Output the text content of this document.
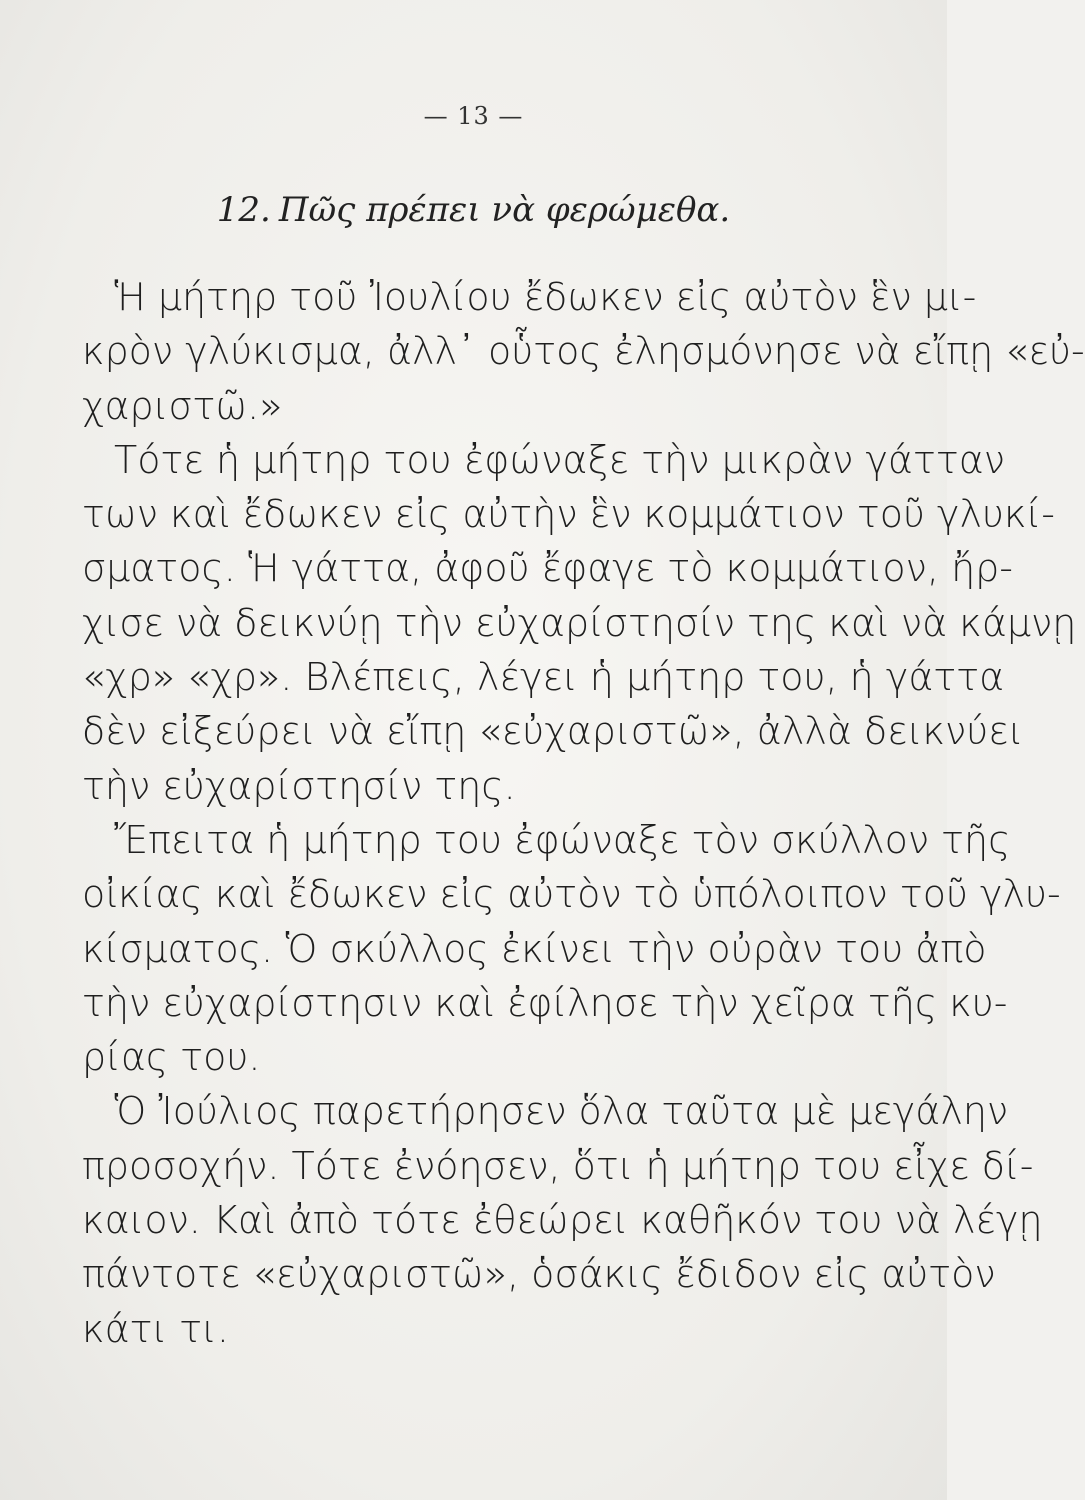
— 13 —
12. Πῶς πρέπει νὰ φερώμεθα.
Ἡ μήτηρ τοῦ Ἰουλίου ἔδωκεν εἰς αὐτὸν ἓν μι-
κρὸν γλύκισμα, ἀλλ᾽ οὗτος ἐλησμόνησε νὰ εἴπῃ «εὐ-
χαριστῶ.»
Τότε ἡ μήτηρ του ἐφώναξε τὴν μικρὰν γάτταν
των καὶ ἔδωκεν εἰς αὐτὴν ἓν κομμάτιον τοῦ γλυκί-
σματος. Ἡ γάττα, ἀφοῦ ἔφαγε τὸ κομμάτιον, ἤρ-
χισε νὰ δεικνύῃ τὴν εὐχαρίστησίν της καὶ νὰ κάμνῃ
«χρ» «χρ». Βλέπεις, λέγει ἡ μήτηρ του, ἡ γάττα
δὲν εἰξεύρει νὰ εἴπῃ «εὐχαριστῶ», ἀλλὰ δεικνύει
τὴν εὐχαρίστησίν της.
Ἔπειτα ἡ μήτηρ του ἐφώναξε τὸν σκύλλον τῆς
οἰκίας καὶ ἔδωκεν εἰς αὐτὸν τὸ ὑπόλοιπον τοῦ γλυ-
κίσματος. Ὁ σκύλλος ἐκίνει τὴν οὐρὰν του ἀπὸ
τὴν εὐχαρίστησιν καὶ ἐφίλησε τὴν χεῖρα τῆς κυ-
ρίας του.
Ὁ Ἰούλιος παρετήρησεν ὅλα ταῦτα μὲ μεγάλην
προσοχήν. Τότε ἐνόησεν, ὅτι ἡ μήτηρ του εἶχε δί-
καιον. Καὶ ἀπὸ τότε ἐθεώρει καθῆκόν του νὰ λέγῃ
πάντοτε «εὐχαριστῶ», ὁσάκις ἔδιδον εἰς αὐτὸν
κάτι τι.
